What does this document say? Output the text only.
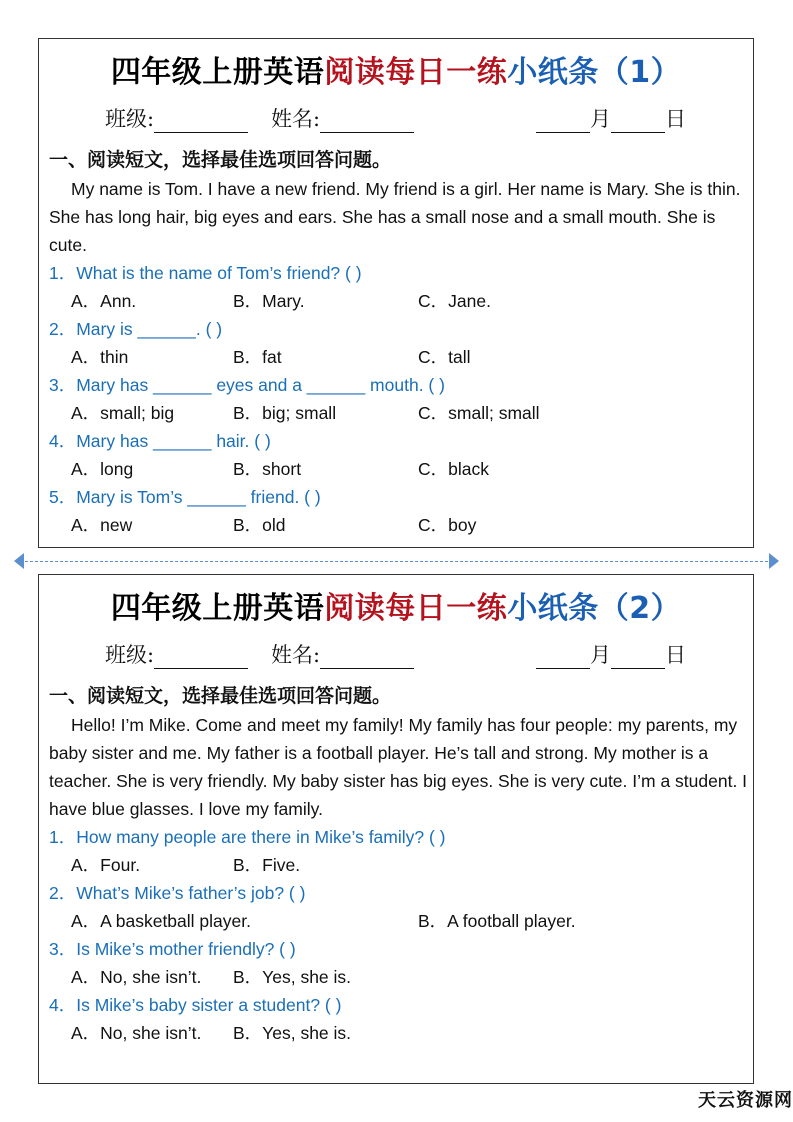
四年级上册英语阅读每日一练小纸条（1）
班级:	姓名:	月	日
一、阅读短文，选择最佳选项回答问题。
My name is Tom. I have a new friend. My friend is a girl. Her name is Mary. She is thin. She has long hair, big eyes and ears. She has a small nose and a small mouth. She is cute.
1．What is the name of Tom’s friend? ( )
A．Ann.	B．Mary.	C．Jane.
2．Mary is ______. ( )
A．thin	B．fat	C．tall
3．Mary has ______ eyes and a ______ mouth. ( )
A．small; big	B．big; small	C．small; small
4．Mary has ______ hair. ( )
A．long	B．short	C．black
5．Mary is Tom’s ______ friend. ( )
A．new	B．old	C．boy
四年级上册英语阅读每日一练小纸条（2）
班级:	姓名:	月	日
一、阅读短文，选择最佳选项回答问题。
Hello! I’m Mike. Come and meet my family! My family has four people: my parents, my baby sister and me. My father is a football player. He’s tall and strong. My mother is a teacher. She is very friendly. My baby sister has big eyes. She is very cute. I’m a student. I have blue glasses. I love my family.
1．How many people are there in Mike’s family? ( )
A．Four.	B．Five.
2．What’s Mike’s father’s job? ( )
A．A basketball player.	B．A football player.
3．Is Mike’s mother friendly? ( )
A．No, she isn’t. B．Yes, she is.
4．Is Mike’s baby sister a student? ( )
A．No, she isn’t. B．Yes, she is.
天云资源网
